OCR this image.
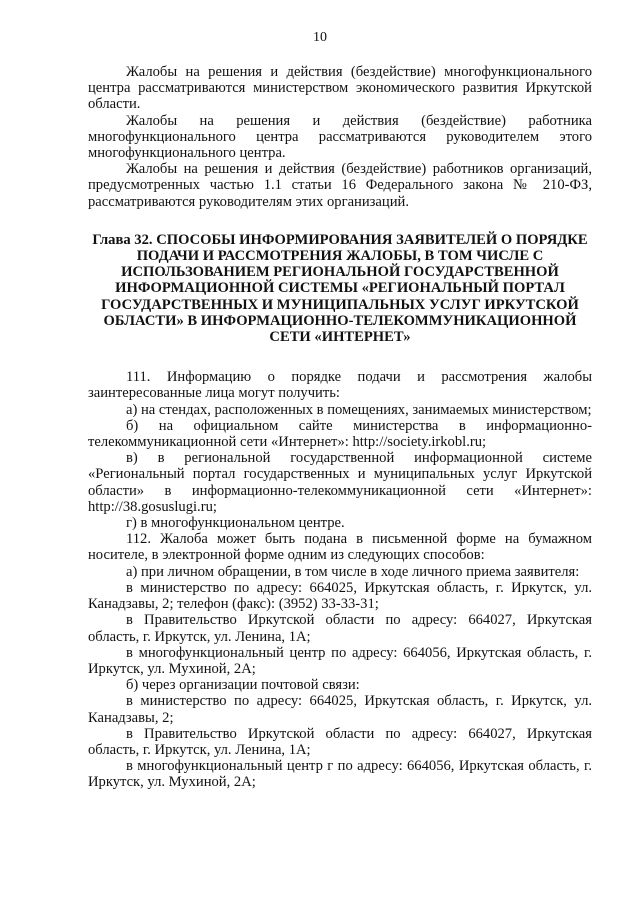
10

Жалобы на решения и действия (бездействие) многофункционального центра рассматриваются министерством экономического развития Иркутской области.

Жалобы на решения и действия (бездействие) работника многофункционального центра рассматриваются руководителем этого многофункционального центра.

Жалобы на решения и действия (бездействие) работников организаций, предусмотренных частью 1.1 статьи 16 Федерального закона № 210-ФЗ, рассматриваются руководителям этих организаций.

Глава 32. СПОСОБЫ ИНФОРМИРОВАНИЯ ЗАЯВИТЕЛЕЙ О ПОРЯДКЕ ПОДАЧИ И РАССМОТРЕНИЯ ЖАЛОБЫ, В ТОМ ЧИСЛЕ С ИСПОЛЬЗОВАНИЕМ РЕГИОНАЛЬНОЙ ГОСУДАРСТВЕННОЙ ИНФОРМАЦИОННОЙ СИСТЕМЫ «РЕГИОНАЛЬНЫЙ ПОРТАЛ ГОСУДАРСТВЕННЫХ И МУНИЦИПАЛЬНЫХ УСЛУГ ИРКУТСКОЙ ОБЛАСТИ» В ИНФОРМАЦИОННО-ТЕЛЕКОММУНИКАЦИОННОЙ СЕТИ «ИНТЕРНЕТ»

111. Информацию о порядке подачи и рассмотрения жалобы заинтересованные лица могут получить:

а) на стендах, расположенных в помещениях, занимаемых министерством;

б) на официальном сайте министерства в информационно-телекоммуникационной сети «Интернет»: http://society.irkobl.ru;

в) в региональной государственной информационной системе «Региональный портал государственных и муниципальных услуг Иркутской области» в информационно-телекоммуникационной сети «Интернет»: http://38.gosuslugi.ru;

г) в многофункциональном центре.

112. Жалоба может быть подана в письменной форме на бумажном носителе, в электронной форме одним из следующих способов:

а) при личном обращении, в том числе в ходе личного приема заявителя:

в министерство по адресу: 664025, Иркутская область, г. Иркутск, ул. Канадзавы, 2; телефон (факс): (3952) 33-33-31;

в Правительство Иркутской области по адресу: 664027, Иркутская область, г. Иркутск, ул. Ленина, 1А;

в многофункциональный центр по адресу: 664056, Иркутская область, г. Иркутск, ул. Мухиной, 2А;

б) через организации почтовой связи:

в министерство по адресу: 664025, Иркутская область, г. Иркутск, ул. Канадзавы, 2;

в Правительство Иркутской области по адресу: 664027, Иркутская область, г. Иркутск, ул. Ленина, 1А;

в многофункциональный центр г по адресу: 664056, Иркутская область, г. Иркутск, ул. Мухиной, 2А;
